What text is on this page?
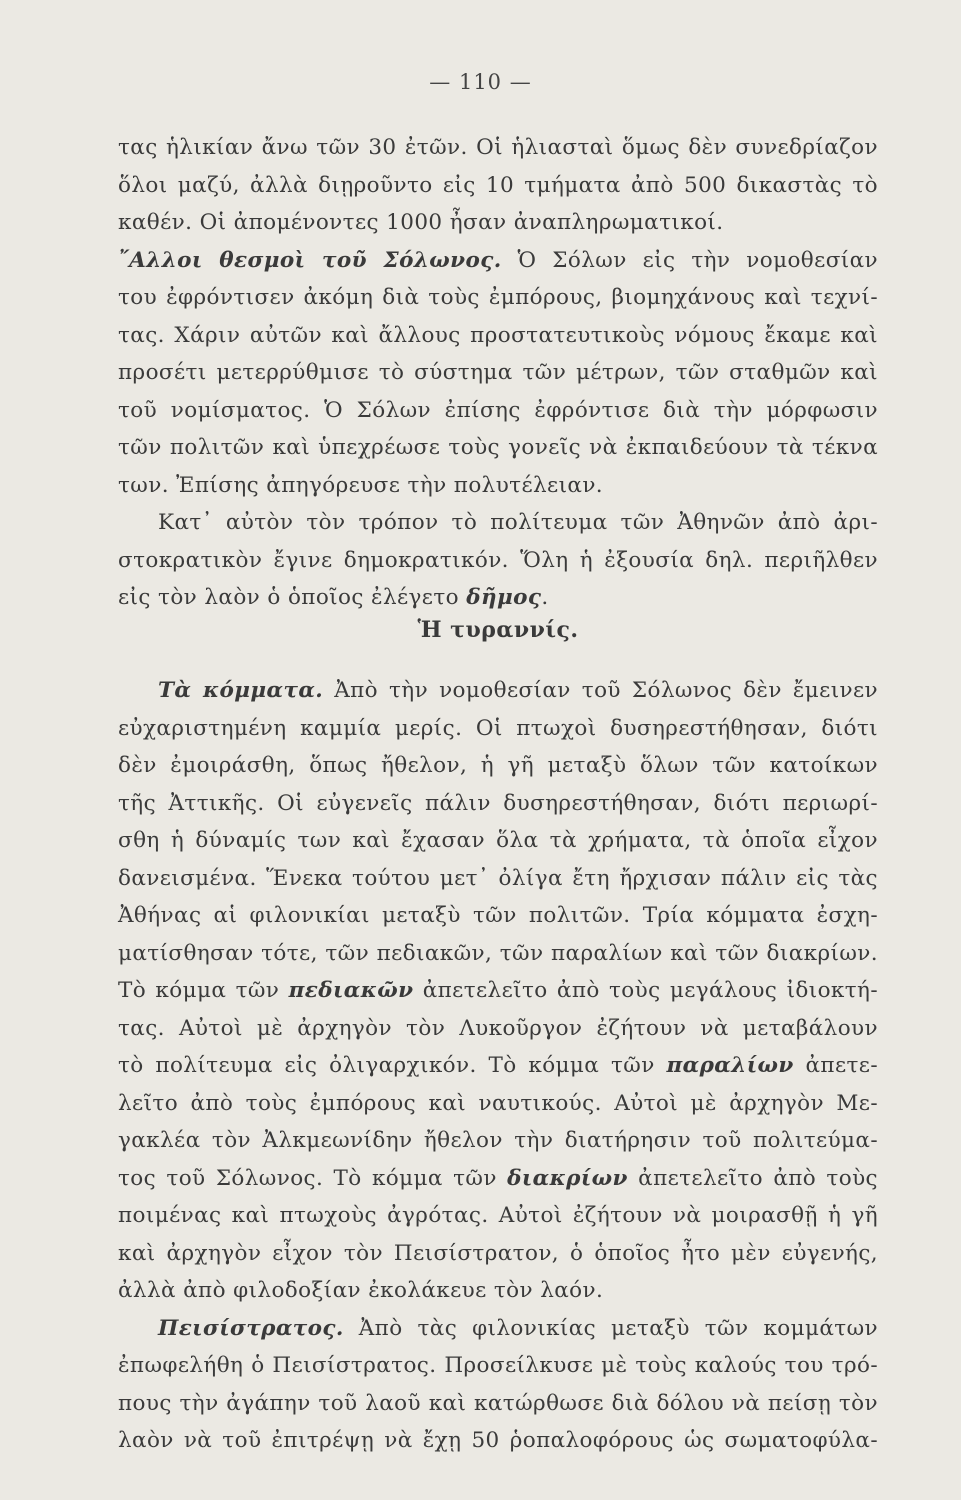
— 110 —
τας ἡλικίαν ἄνω τῶν 30 ἐτῶν. Οἱ ἡλιασταὶ ὅμως δὲν συνεδρίαζον
ὅλοι μαζύ, ἀλλὰ διῃροῦντο εἰς 10 τμήματα ἀπὸ 500 δικαστὰς τὸ
καθέν. Οἱ ἀπομένοντες 1000 ἦσαν ἀναπληρωματικοί.
῎Αλλοι θεσμοὶ τοῦ Σόλωνος. Ὁ Σόλων εἰς τὴν νομοθεσίαν
του ἐφρόντισεν ἀκόμη διὰ τοὺς ἐμπόρους, βιομηχάνους καὶ τεχνί-
τας. Χάριν αὐτῶν καὶ ἄλλους προστατευτικοὺς νόμους ἔκαμε καὶ
προσέτι μετερρύθμισε τὸ σύστημα τῶν μέτρων, τῶν σταθμῶν καὶ
τοῦ νομίσματος. Ὁ Σόλων ἐπίσης ἐφρόντισε διὰ τὴν μόρφωσιν
τῶν πολιτῶν καὶ ὑπεχρέωσε τοὺς γονεῖς νὰ ἐκπαιδεύουν τὰ τέκνα
των. Ἐπίσης ἀπηγόρευσε τὴν πολυτέλειαν.
Κατ᾽ αὐτὸν τὸν τρόπον τὸ πολίτευμα τῶν Ἀθηνῶν ἀπὸ ἀρι-
στοκρατικὸν ἔγινε δημοκρατικόν. Ὅλη ἡ ἐξουσία δηλ. περιῆλθεν
εἰς τὸν λαὸν ὁ ὁποῖος ἐλέγετο δῆμος.
Ἡ τυραννίς.
Τὰ κόμματα. Ἀπὸ τὴν νομοθεσίαν τοῦ Σόλωνος δὲν ἔμεινεν
εὐχαριστημένη καμμία μερίς. Οἱ πτωχοὶ δυσηρεστήθησαν, διότι
δὲν ἐμοιράσθη, ὅπως ἤθελον, ἡ γῆ μεταξὺ ὅλων τῶν κατοίκων
τῆς Ἀττικῆς. Οἱ εὐγενεῖς πάλιν δυσηρεστήθησαν, διότι περιωρί-
σθη ἡ δύναμίς των καὶ ἔχασαν ὅλα τὰ χρήματα, τὰ ὁποῖα εἶχον
δανεισμένα. Ἕνεκα τούτου μετ᾽ ὀλίγα ἔτη ἤρχισαν πάλιν εἰς τὰς
Ἀθήνας αἱ φιλονικίαι μεταξὺ τῶν πολιτῶν. Τρία κόμματα ἐσχη-
ματίσθησαν τότε, τῶν πεδιακῶν, τῶν παραλίων καὶ τῶν διακρίων.
Τὸ κόμμα τῶν πεδιακῶν ἀπετελεῖτο ἀπὸ τοὺς μεγάλους ἰδιοκτή-
τας. Αὐτοὶ μὲ ἀρχηγὸν τὸν Λυκοῦργον ἐζήτουν νὰ μεταβάλουν
τὸ πολίτευμα εἰς ὀλιγαρχικόν. Τὸ κόμμα τῶν παραλίων ἀπετε-
λεῖτο ἀπὸ τοὺς ἐμπόρους καὶ ναυτικούς. Αὐτοὶ μὲ ἀρχηγὸν Με-
γακλέα τὸν Ἀλκμεωνίδην ἤθελον τὴν διατήρησιν τοῦ πολιτεύμα-
τος τοῦ Σόλωνος. Τὸ κόμμα τῶν διακρίων ἀπετελεῖτο ἀπὸ τοὺς
ποιμένας καὶ πτωχοὺς ἀγρότας. Αὐτοὶ ἐζήτουν νὰ μοιρασθῇ ἡ γῆ
καὶ ἀρχηγὸν εἶχον τὸν Πεισίστρατον, ὁ ὁποῖος ἦτο μὲν εὐγενής,
ἀλλὰ ἀπὸ φιλοδοξίαν ἐκολάκευε τὸν λαόν.
Πεισίστρατος. Ἀπὸ τὰς φιλονικίας μεταξὺ τῶν κομμάτων
ἐπωφελήθη ὁ Πεισίστρατος. Προσείλκυσε μὲ τοὺς καλούς του τρό-
πους τὴν ἀγάπην τοῦ λαοῦ καὶ κατώρθωσε διὰ δόλου νὰ πείσῃ τὸν
λαὸν νὰ τοῦ ἐπιτρέψῃ νὰ ἔχῃ 50 ῥοπαλοφόρους ὡς σωματοφύλα-
